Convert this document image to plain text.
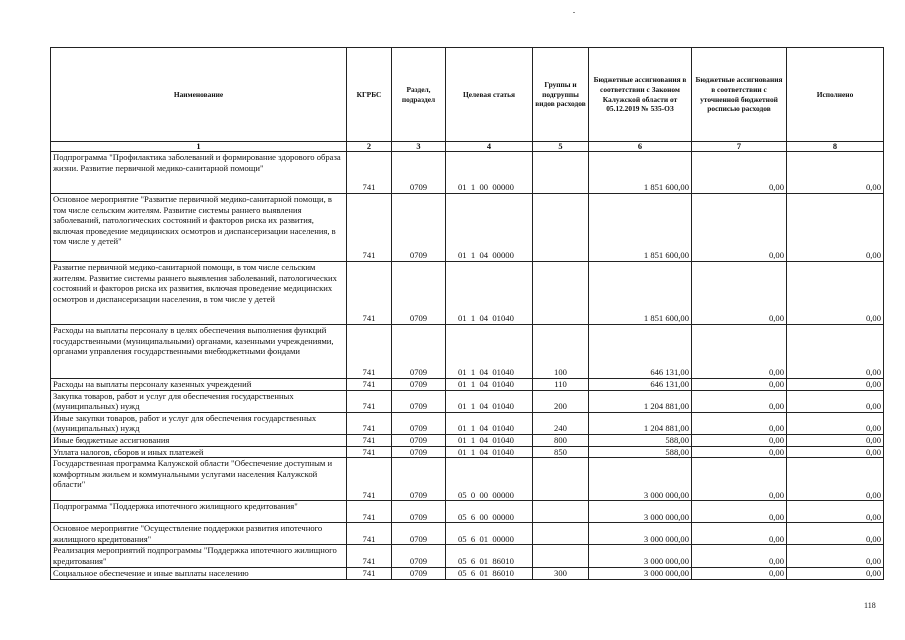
Наименование	КГРБС	Раздел, подраздел	Целевая статья	Группы и подгруппы видов расходов	Бюджетные ассигнования в соответствии с Законом Калужской области от 05.12.2019 № 535-ОЗ	Бюджетные ассигнования в соответствии с уточненной бюджетной росписью расходов	Исполнено
1	2	3	4	5	6	7	8
Подпрограмма "Профилактика заболеваний и формирование здорового образа жизни. Развитие первичной медико-санитарной помощи"	741	0709	01  1  00  00000		1 851 600,00	0,00	0,00
Основное мероприятие "Развитие первичной медико-санитарной помощи, в том числе сельским жителям. Развитие системы раннего выявления заболеваний, патологических состояний и факторов риска их развития, включая проведение медицинских осмотров и диспансеризации населения, в том числе у детей"	741	0709	01  1  04  00000		1 851 600,00	0,00	0,00
Развитие первичной медико-санитарной помощи, в том числе сельским жителям. Развитие системы раннего выявления заболеваний, патологических состояний и факторов риска их развития, включая проведение медицинских осмотров и диспансеризации населения, в том числе у детей	741	0709	01  1  04  01040		1 851 600,00	0,00	0,00
Расходы на выплаты персоналу в целях обеспечения выполнения функций государственными (муниципальными) органами, казенными учреждениями, органами управления государственными внебюджетными фондами	741	0709	01  1  04  01040	100	646 131,00	0,00	0,00
Расходы на выплаты персоналу казенных учреждений	741	0709	01  1  04  01040	110	646 131,00	0,00	0,00
Закупка товаров, работ и услуг для обеспечения государственных (муниципальных) нужд	741	0709	01  1  04  01040	200	1 204 881,00	0,00	0,00
Иные закупки товаров, работ и услуг для обеспечения государственных (муниципальных) нужд	741	0709	01  1  04  01040	240	1 204 881,00	0,00	0,00
Иные бюджетные ассигнования	741	0709	01  1  04  01040	800	588,00	0,00	0,00
Уплата налогов, сборов и иных платежей	741	0709	01  1  04  01040	850	588,00	0,00	0,00
Государственная программа Калужской области "Обеспечение доступным и комфортным жильем и коммунальными услугами населения Калужской области"	741	0709	05  0  00  00000		3 000 000,00	0,00	0,00
Подпрограмма "Поддержка ипотечного жилищного кредитования"	741	0709	05  6  00  00000		3 000 000,00	0,00	0,00
Основное мероприятие "Осуществление поддержки развития ипотечного жилищного кредитования"	741	0709	05  6  01  00000		3 000 000,00	0,00	0,00
Реализация мероприятий подпрограммы "Поддержка ипотечного жилищного кредитования"	741	0709	05  6  01  86010		3 000 000,00	0,00	0,00
Социальное обеспечение и иные выплаты населению	741	0709	05  6  01  86010	300	3 000 000,00	0,00	0,00
118
